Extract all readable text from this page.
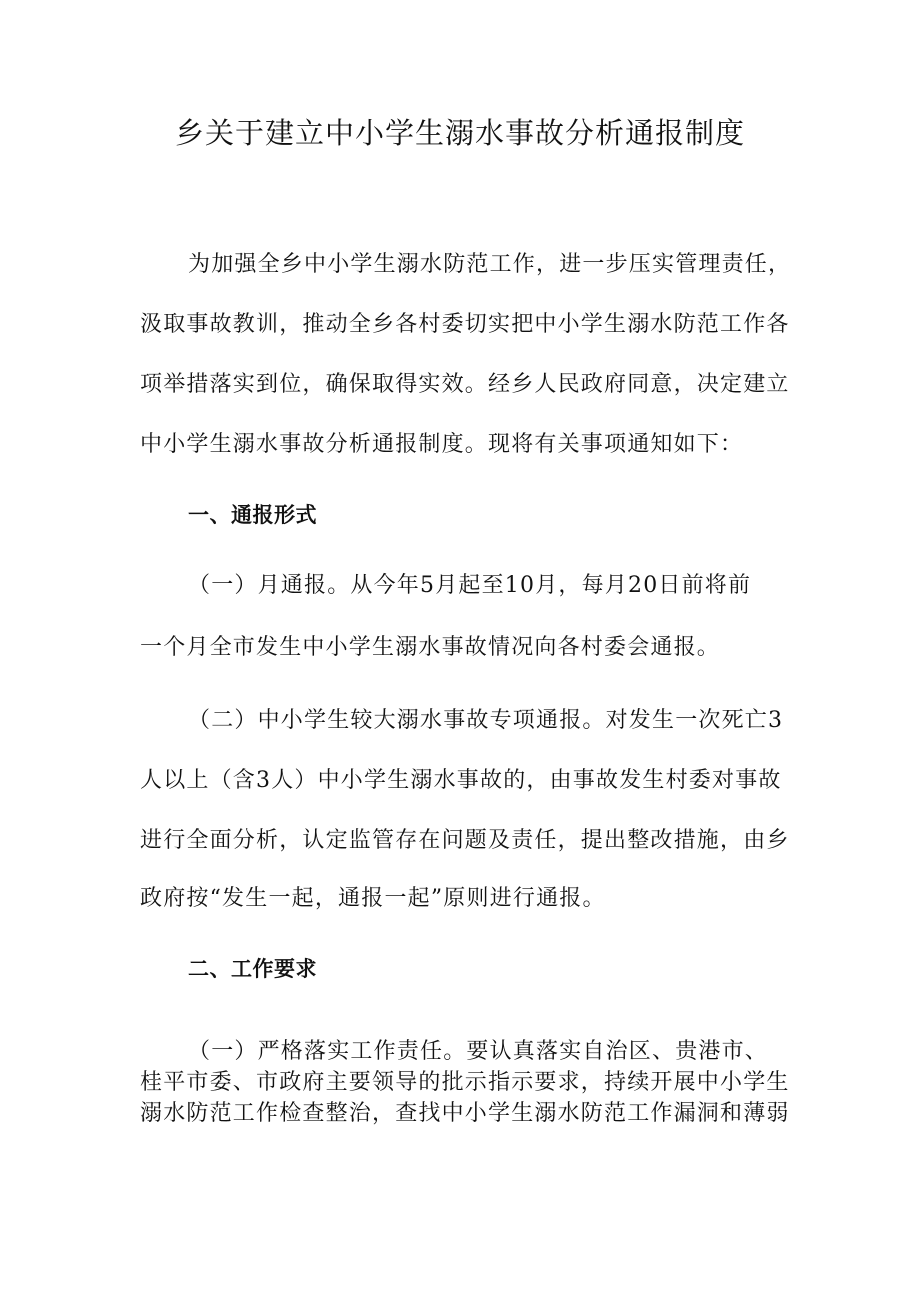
乡关于建立中小学生溺水事故分析通报制度
为加强全乡中小学生溺水防范工作，进一步压实管理责任，
汲取事故教训，推动全乡各村委切实把中小学生溺水防范工作各
项举措落实到位，确保取得实效。经乡人民政府同意，决定建立
中小学生溺水事故分析通报制度。现将有关事项通知如下：
一、通报形式
（一）月通报。从今年5月起至10月，每月20日前将前
一个月全市发生中小学生溺水事故情况向各村委会通报。
（二）中小学生较大溺水事故专项通报。对发生一次死亡3
人以上（含3人）中小学生溺水事故的，由事故发生村委对事故
进行全面分析，认定监管存在问题及责任，提出整改措施，由乡
政府按“发生一起，通报一起”原则进行通报。
二、工作要求
（一）严格落实工作责任。要认真落实自治区、贵港市、
桂平市委、市政府主要领导的批示指示要求，持续开展中小学生
溺水防范工作检查整治，查找中小学生溺水防范工作漏洞和薄弱
